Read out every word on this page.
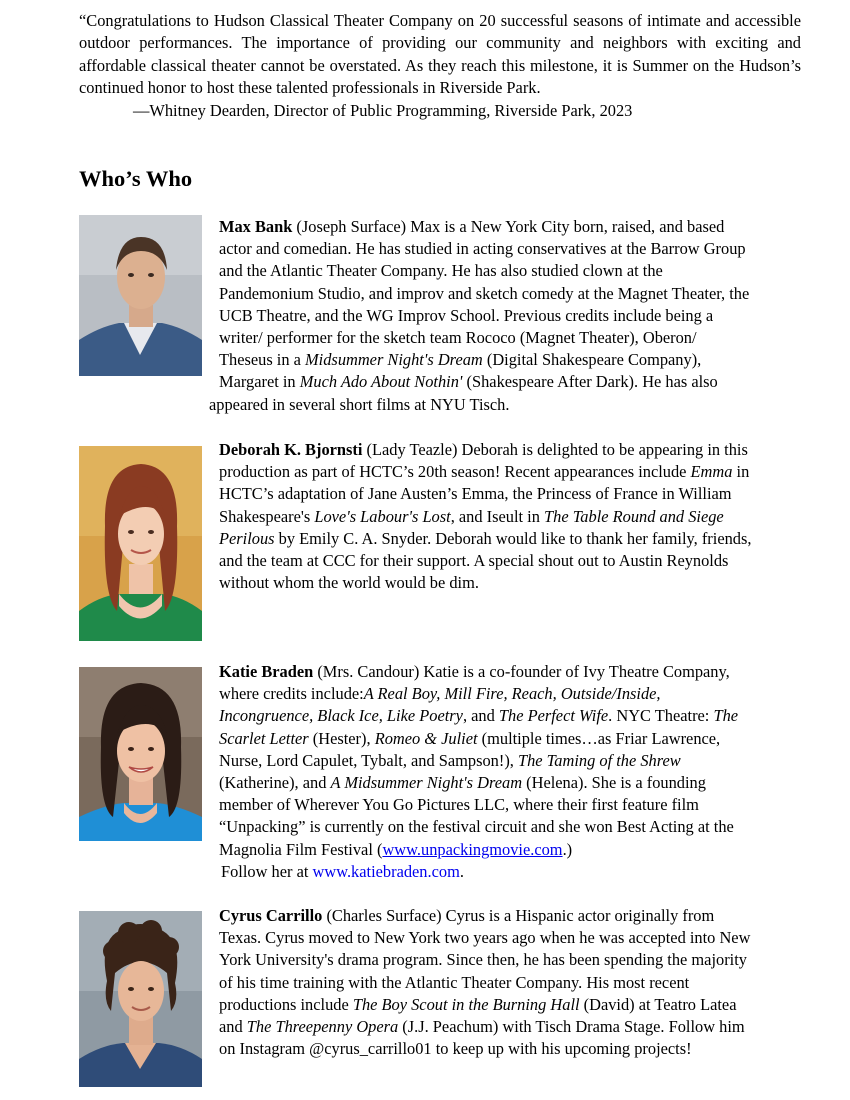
“Congratulations to Hudson Classical Theater Company on 20 successful seasons of intimate and accessible outdoor performances. The importance of providing our community and neighbors with exciting and affordable classical theater cannot be overstated. As they reach this milestone, it is Summer on the Hudson’s continued honor to host these talented professionals in Riverside Park.
—Whitney Dearden, Director of Public Programming, Riverside Park, 2023
Who’s Who
Max Bank (Joseph Surface) Max is a New York City born, raised, and based
actor and comedian. He has studied in acting conservatives at the Barrow Group
and the Atlantic Theater Company. He has also studied clown at the
Pandemonium Studio, and improv and sketch comedy at the Magnet Theater, the
UCB Theatre, and the WG Improv School. Previous credits include being a
writer/ performer for the sketch team Rococo (Magnet Theater), Oberon/
Theseus in a Midsummer Night's Dream (Digital Shakespeare Company),
Margaret in Much Ado About Nothin' (Shakespeare After Dark). He has also
appeared in several short films at NYU Tisch.
Deborah K. Bjornsti (Lady Teazle) Deborah is delighted to be appearing in this
production as part of HCTC’s 20th season! Recent appearances include Emma in
HCTC’s adaptation of Jane Austen’s Emma, the Princess of France in William
Shakespeare's Love's Labour's Lost, and Iseult in The Table Round and Siege
Perilous by Emily C. A. Snyder. Deborah would like to thank her family, friends,
and the team at CCC for their support. A special shout out to Austin Reynolds
without whom the world would be dim.
Katie Braden (Mrs. Candour) Katie is a co-founder of Ivy Theatre Company,
where credits include:A Real Boy, Mill Fire, Reach, Outside/Inside,
Incongruence, Black Ice, Like Poetry, and The Perfect Wife. NYC Theatre: The
Scarlet Letter (Hester), Romeo & Juliet (multiple times…as Friar Lawrence,
Nurse, Lord Capulet, Tybalt, and Sampson!), The Taming of the Shrew
(Katherine), and A Midsummer Night's Dream (Helena). She is a founding
member of Wherever You Go Pictures LLC, where their first feature film
“Unpacking” is currently on the festival circuit and she won Best Acting at the
Magnolia Film Festival (www.unpackingmovie.com.)
Follow her at www.katiebraden.com.
Cyrus Carrillo (Charles Surface) Cyrus is a Hispanic actor originally from
Texas. Cyrus moved to New York two years ago when he was accepted into New
York University's drama program. Since then, he has been spending the majority
of his time training with the Atlantic Theater Company. His most recent
productions include The Boy Scout in the Burning Hall (David) at Teatro Latea
and The Threepenny Opera (J.J. Peachum) with Tisch Drama Stage. Follow him
on Instagram @cyrus_carrillo01 to keep up with his upcoming projects!
